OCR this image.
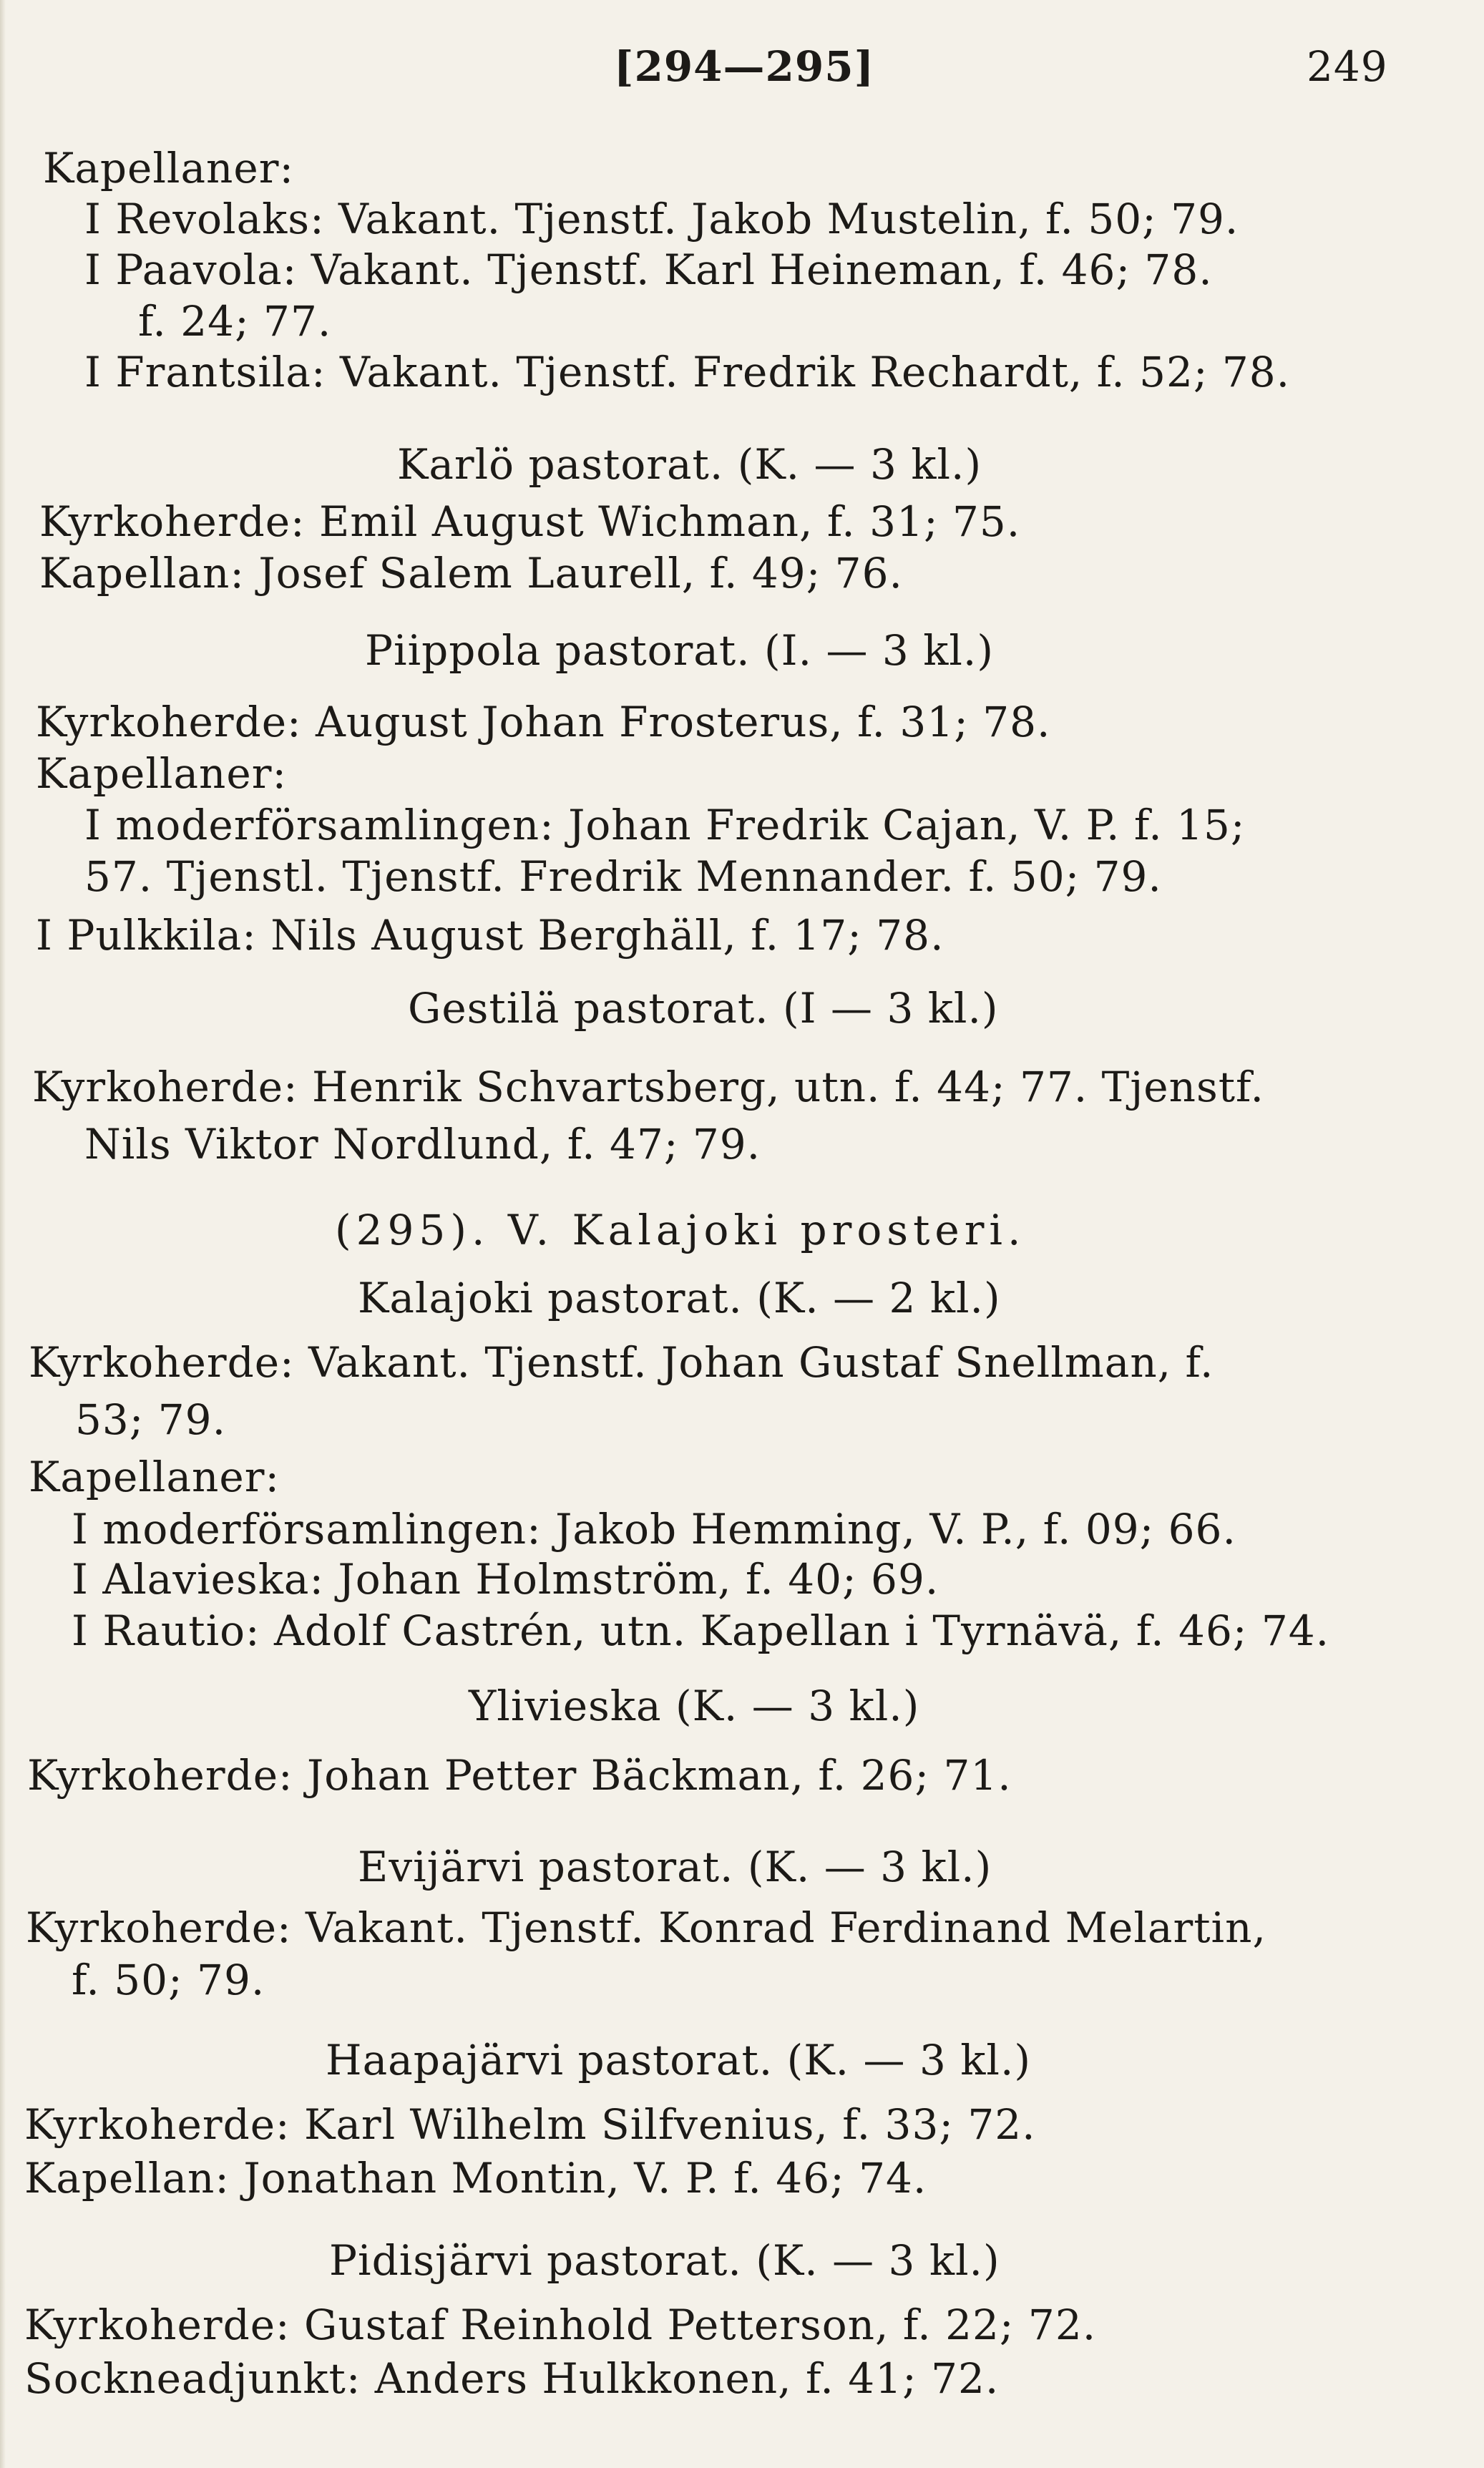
[294—295]	249
Kapellaner:
I Revolaks: Vakant. Tjenstf. Jakob Mustelin, f. 50; 79.
I Paavola: Vakant. Tjenstf. Karl Heineman, f. 46; 78.
f. 24; 77.
I Frantsila: Vakant. Tjenstf. Fredrik Rechardt, f. 52; 78.
Karlö pastorat. (K. — 3 kl.)
Kyrkoherde: Emil August Wichman, f. 31; 75.
Kapellan: Josef Salem Laurell, f. 49; 76.
Piippola pastorat. (I. — 3 kl.)
Kyrkoherde: August Johan Frosterus, f. 31; 78.
Kapellaner:
I moderförsamlingen: Johan Fredrik Cajan, V. P. f. 15;
57. Tjenstl. Tjenstf. Fredrik Mennander. f. 50; 79.
I Pulkkila: Nils August Berghäll, f. 17; 78.
Gestilä pastorat. (I — 3 kl.)
Kyrkoherde: Henrik Schvartsberg, utn. f. 44; 77. Tjenstf.
Nils Viktor Nordlund, f. 47; 79.
(295). V. Kalajoki prosteri.
Kalajoki pastorat. (K. — 2 kl.)
Kyrkoherde: Vakant. Tjenstf. Johan Gustaf Snellman, f.
53; 79.
Kapellaner:
I moderförsamlingen: Jakob Hemming, V. P., f. 09; 66.
I Alavieska: Johan Holmström, f. 40; 69.
I Rautio: Adolf Castrén, utn. Kapellan i Tyrnävä, f. 46; 74.
Ylivieska (K. — 3 kl.)
Kyrkoherde: Johan Petter Bäckman, f. 26; 71.
Evijärvi pastorat. (K. — 3 kl.)
Kyrkoherde: Vakant. Tjenstf. Konrad Ferdinand Melartin,
f. 50; 79.
Haapajärvi pastorat. (K. — 3 kl.)
Kyrkoherde: Karl Wilhelm Silfvenius, f. 33; 72.
Kapellan: Jonathan Montin, V. P. f. 46; 74.
Pidisjärvi pastorat. (K. — 3 kl.)
Kyrkoherde: Gustaf Reinhold Petterson, f. 22; 72.
Sockneadjunkt: Anders Hulkkonen, f. 41; 72.
